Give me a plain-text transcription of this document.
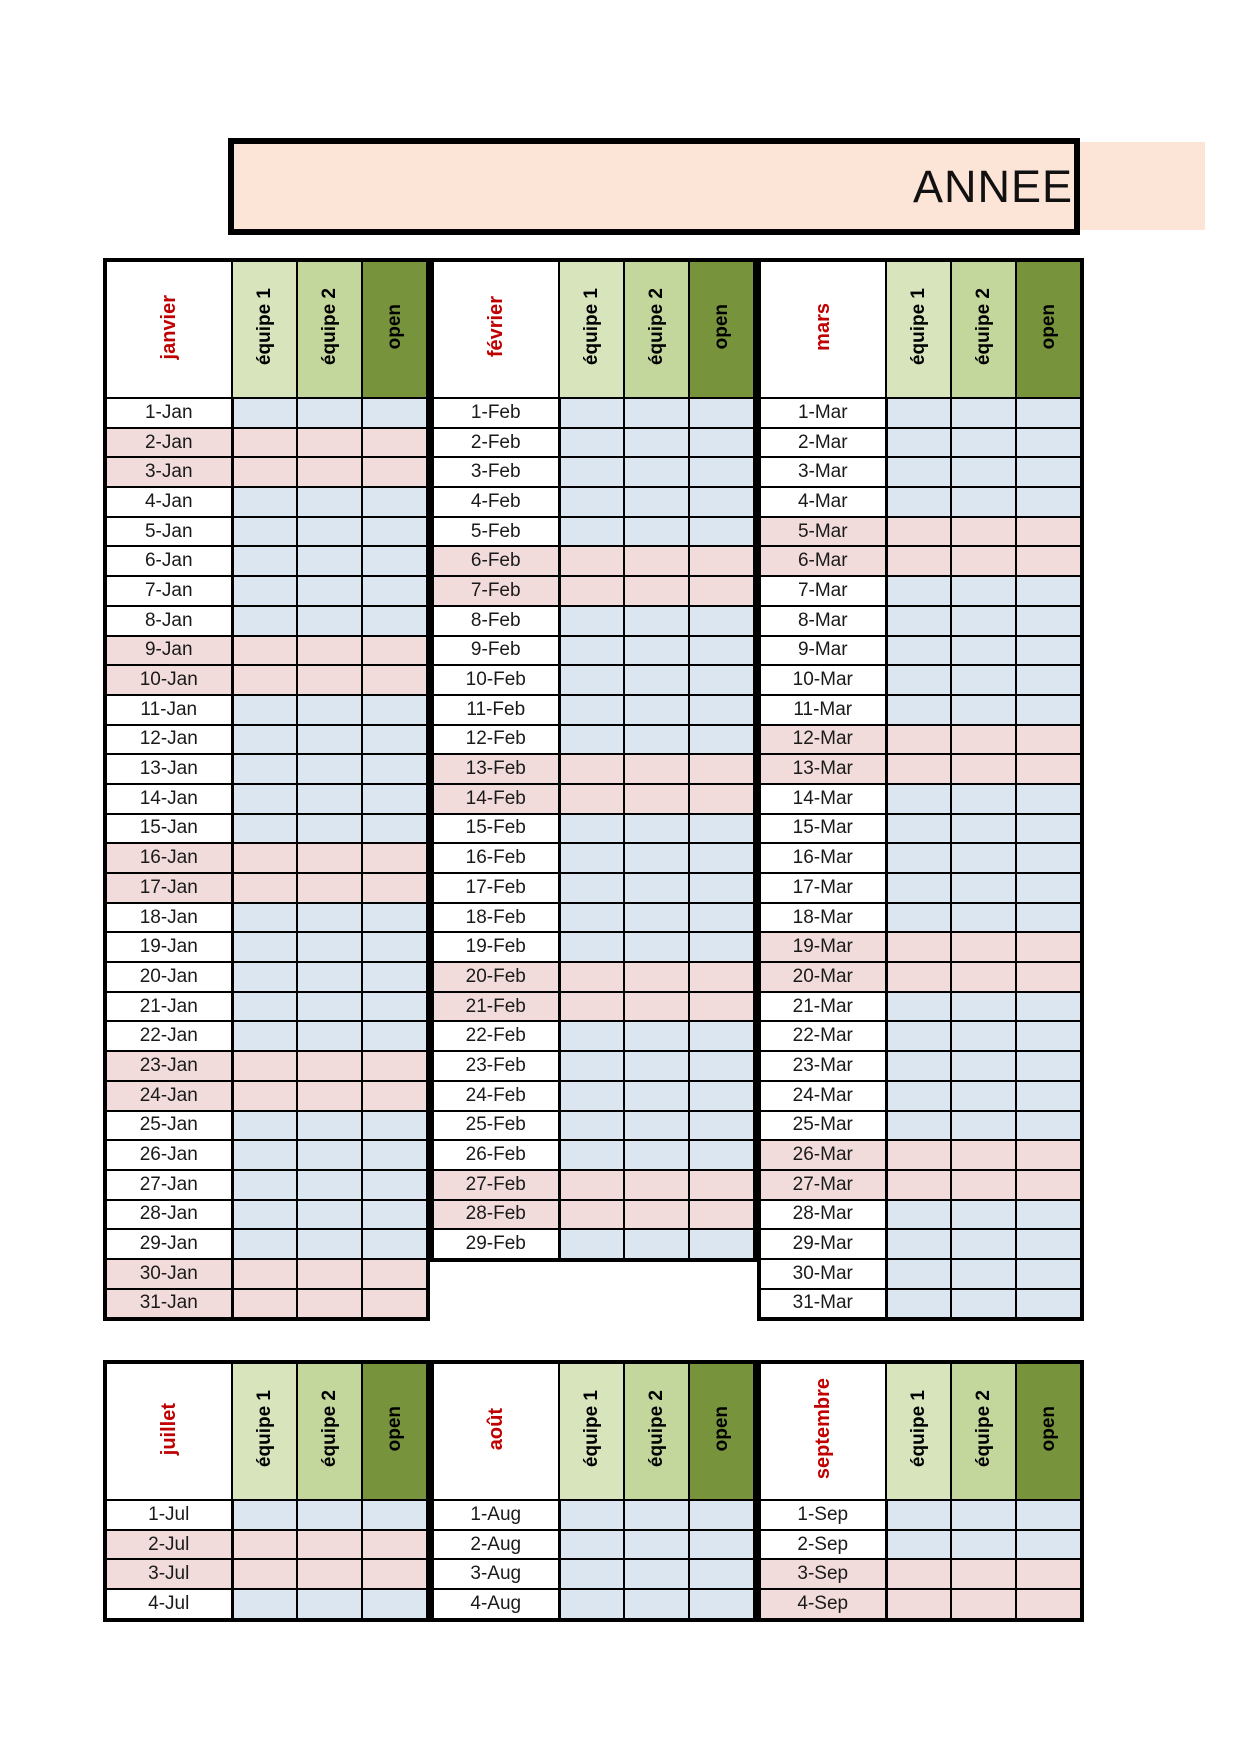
ANNEE
janvier	équipe 1	équipe 2	open
1-Jan			
2-Jan			
3-Jan			
4-Jan			
5-Jan			
6-Jan			
7-Jan			
8-Jan			
9-Jan			
10-Jan			
11-Jan			
12-Jan			
13-Jan			
14-Jan			
15-Jan			
16-Jan			
17-Jan			
18-Jan			
19-Jan			
20-Jan			
21-Jan			
22-Jan			
23-Jan			
24-Jan			
25-Jan			
26-Jan			
27-Jan			
28-Jan			
29-Jan			
30-Jan			
31-Jan			
février	équipe 1	équipe 2	open
1-Feb			
2-Feb			
3-Feb			
4-Feb			
5-Feb			
6-Feb			
7-Feb			
8-Feb			
9-Feb			
10-Feb			
11-Feb			
12-Feb			
13-Feb			
14-Feb			
15-Feb			
16-Feb			
17-Feb			
18-Feb			
19-Feb			
20-Feb			
21-Feb			
22-Feb			
23-Feb			
24-Feb			
25-Feb			
26-Feb			
27-Feb			
28-Feb			
29-Feb			
mars	équipe 1	équipe 2	open
1-Mar			
2-Mar			
3-Mar			
4-Mar			
5-Mar			
6-Mar			
7-Mar			
8-Mar			
9-Mar			
10-Mar			
11-Mar			
12-Mar			
13-Mar			
14-Mar			
15-Mar			
16-Mar			
17-Mar			
18-Mar			
19-Mar			
20-Mar			
21-Mar			
22-Mar			
23-Mar			
24-Mar			
25-Mar			
26-Mar			
27-Mar			
28-Mar			
29-Mar			
30-Mar			
31-Mar			
juillet	équipe 1	équipe 2	open
1-Jul			
2-Jul			
3-Jul			
4-Jul			
août	équipe 1	équipe 2	open
1-Aug			
2-Aug			
3-Aug			
4-Aug			
septembre	équipe 1	équipe 2	open
1-Sep			
2-Sep			
3-Sep			
4-Sep			
